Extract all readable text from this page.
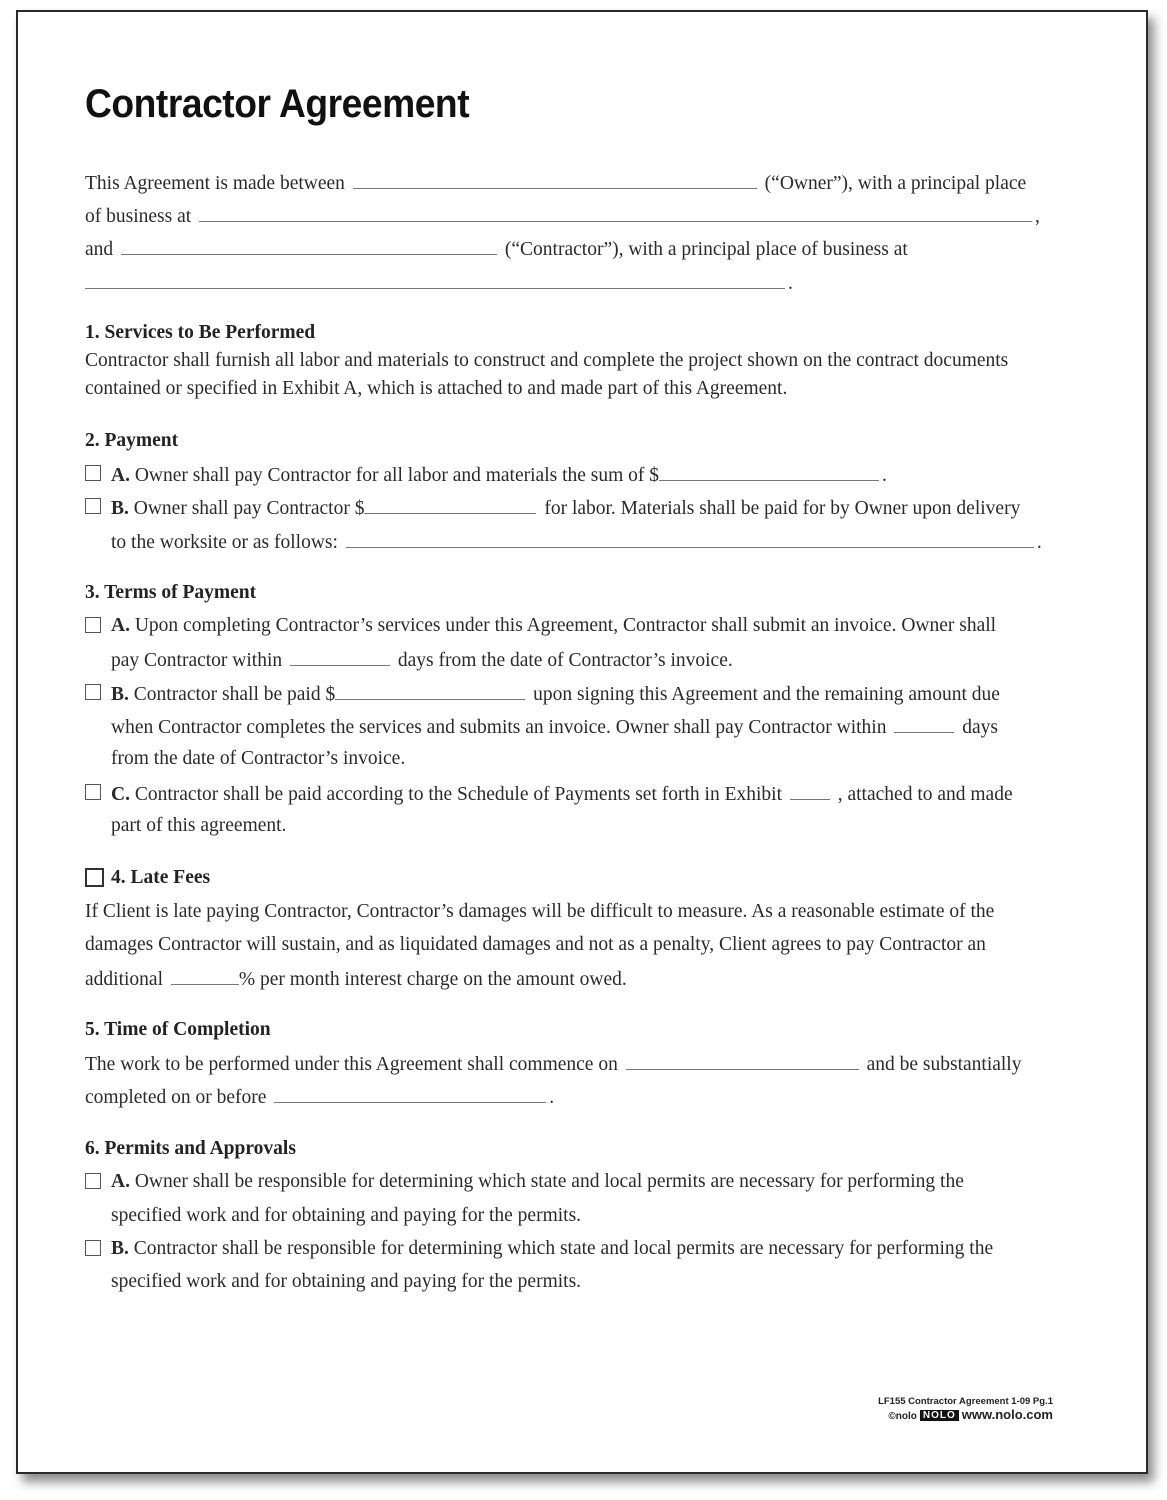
Contractor Agreement
This Agreement is made between	(“Owner”), with a principal place
of business at	,
and	(“Contractor”), with a principal place of business at
.
1. Services to Be Performed
Contractor shall furnish all labor and materials to construct and complete the project shown on the contract documents
contained or specified in Exhibit A, which is attached to and made part of this Agreement.
2. Payment
A. Owner shall pay Contractor for all labor and materials the sum of $	.
B. Owner shall pay Contractor $	for labor. Materials shall be paid for by Owner upon delivery
to the worksite or as follows:	.
3. Terms of Payment
A. Upon completing Contractor’s services under this Agreement, Contractor shall submit an invoice. Owner shall
pay Contractor within	days from the date of Contractor’s invoice.
B. Contractor shall be paid $	upon signing this Agreement and the remaining amount due
when Contractor completes the services and submits an invoice. Owner shall pay Contractor within	days
from the date of Contractor’s invoice.
C. Contractor shall be paid according to the Schedule of Payments set forth in Exhibit	, attached to and made
part of this agreement.
4. Late Fees
If Client is late paying Contractor, Contractor’s damages will be difficult to measure. As a reasonable estimate of the
damages Contractor will sustain, and as liquidated damages and not as a penalty, Client agrees to pay Contractor an
additional	% per month interest charge on the amount owed.
5. Time of Completion
The work to be performed under this Agreement shall commence on	and be substantially
completed on or before	.
6. Permits and Approvals
A. Owner shall be responsible for determining which state and local permits are necessary for performing the
specified work and for obtaining and paying for the permits.
B. Contractor shall be responsible for determining which state and local permits are necessary for performing the
specified work and for obtaining and paying for the permits.
LF155 Contractor Agreement 1-09 Pg.1
©nolo NOLO www.nolo.com
